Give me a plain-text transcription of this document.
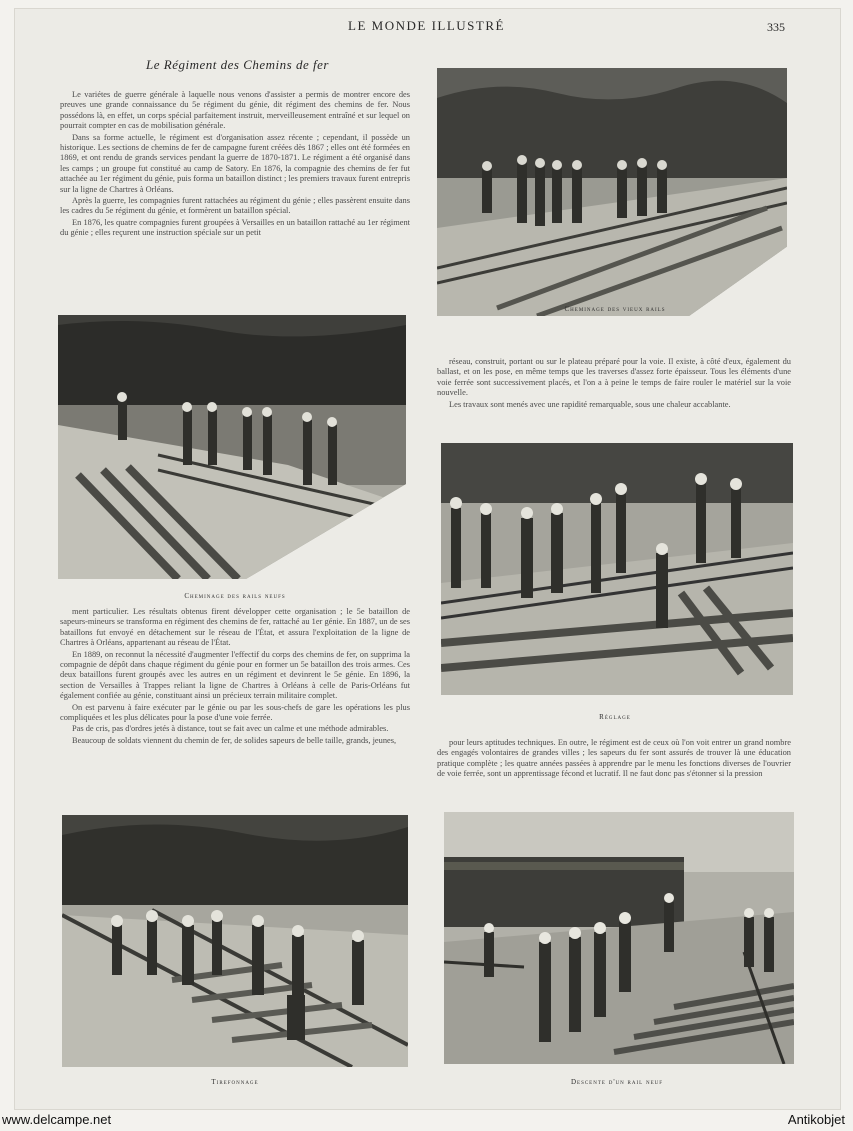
LE MONDE ILLUSTRÉ	335
Le Régiment des Chemins de fer

Le variétes de guerre générale à laquelle nous venons d'assister a permis de montrer encore des preuves une grande connaissance du 5e régiment du génie, dit régiment des chemins de fer. Nous possédons là, en effet, un corps spécial parfaitement instruit, merveilleusement entraîné et sur lequel on pourrait compter en cas de mobilisation générale.

Dans sa forme actuelle, le régiment est d'organisation assez récente ; cependant, il possède un historique. Les sections de chemins de fer de campagne furent créées dès 1867 ; elles ont été formées en 1869, et ont rendu de grands services pendant la guerre de 1870-1871. Le régiment a été organisé dans les camps ; un groupe fut constitué au camp de Satory. En 1876, la compagnie des chemins de fer fut attachée au 1er régiment du génie, puis forma un bataillon distinct ; les premiers travaux furent entrepris sur la ligne de Chartres à Orléans.

Après la guerre, les compagnies furent rattachées au régiment du génie ; elles passèrent ensuite dans les cadres du 5e régiment du génie, et formèrent un bataillon spécial.

En 1876, les quatre compagnies furent groupées à Versailles en un bataillon rattaché au 1er régiment du génie ; elles reçurent une instruction spéciale sur un petit

Cheminage des vieux rails
Cheminage des rails neufs

réseau, construit, portant ou sur le plateau préparé pour la voie. Il existe, à côté d'eux, également du ballast, et on les pose, en même temps que les traverses d'assez forte épaisseur. Tous les éléments d'une voie ferrée sont successivement placés, et l'on a à peine le temps de faire rouler le matériel sur la voie nouvelle.

Les travaux sont menés avec une rapidité remarquable, sous une chaleur accablante.

Réglage

ment particulier. Les résultats obtenus firent développer cette organisation ; le 5e bataillon de sapeurs-mineurs se transforma en régiment des chemins de fer, rattaché au 1er génie. En 1887, un de ses bataillons fut envoyé en détachement sur le réseau de l'État, et assura l'exploitation de la ligne de Chartres à Orléans, appartenant au réseau de l'État.

En 1889, on reconnut la nécessité d'augmenter l'effectif du corps des chemins de fer, on supprima la compagnie de dépôt dans chaque régiment du génie pour en former un 5e bataillon des trois armes. Ces deux bataillons furent groupés avec les autres en un régiment et devinrent le 5e génie. En 1896, la section de Versailles à Trappes reliant la ligne de Chartres à Orléans à celle de Paris-Orléans fut également confiée au génie, constituant ainsi un précieux terrain militaire complet.

On est parvenu à faire exécuter par le génie ou par les sous-chefs de gare les opérations les plus compliquées et les plus délicates pour la pose d'une voie ferrée.

Pas de cris, pas d'ordres jetés à distance, tout se fait avec un calme et une méthode admirables.

Beaucoup de soldats viennent du chemin de fer, de solides sapeurs de belle taille, grands, jeunes,	pour leurs aptitudes techniques. En outre, le régiment est de ceux où l'on voit entrer un grand nombre des engagés volontaires de grandes villes ; les sapeurs du fer sont assurés de trouver là une éducation pratique complète ; les quatre années passées à apprendre par le menu les fonctions diverses de l'ouvrier de voie ferrée, sont un apprentissage fécond et lucratif. Il ne faut donc pas s'étonner si la pression

Tirefonnage	Descente d'un rail neuf
www.delcampe.net	Antikobjet
